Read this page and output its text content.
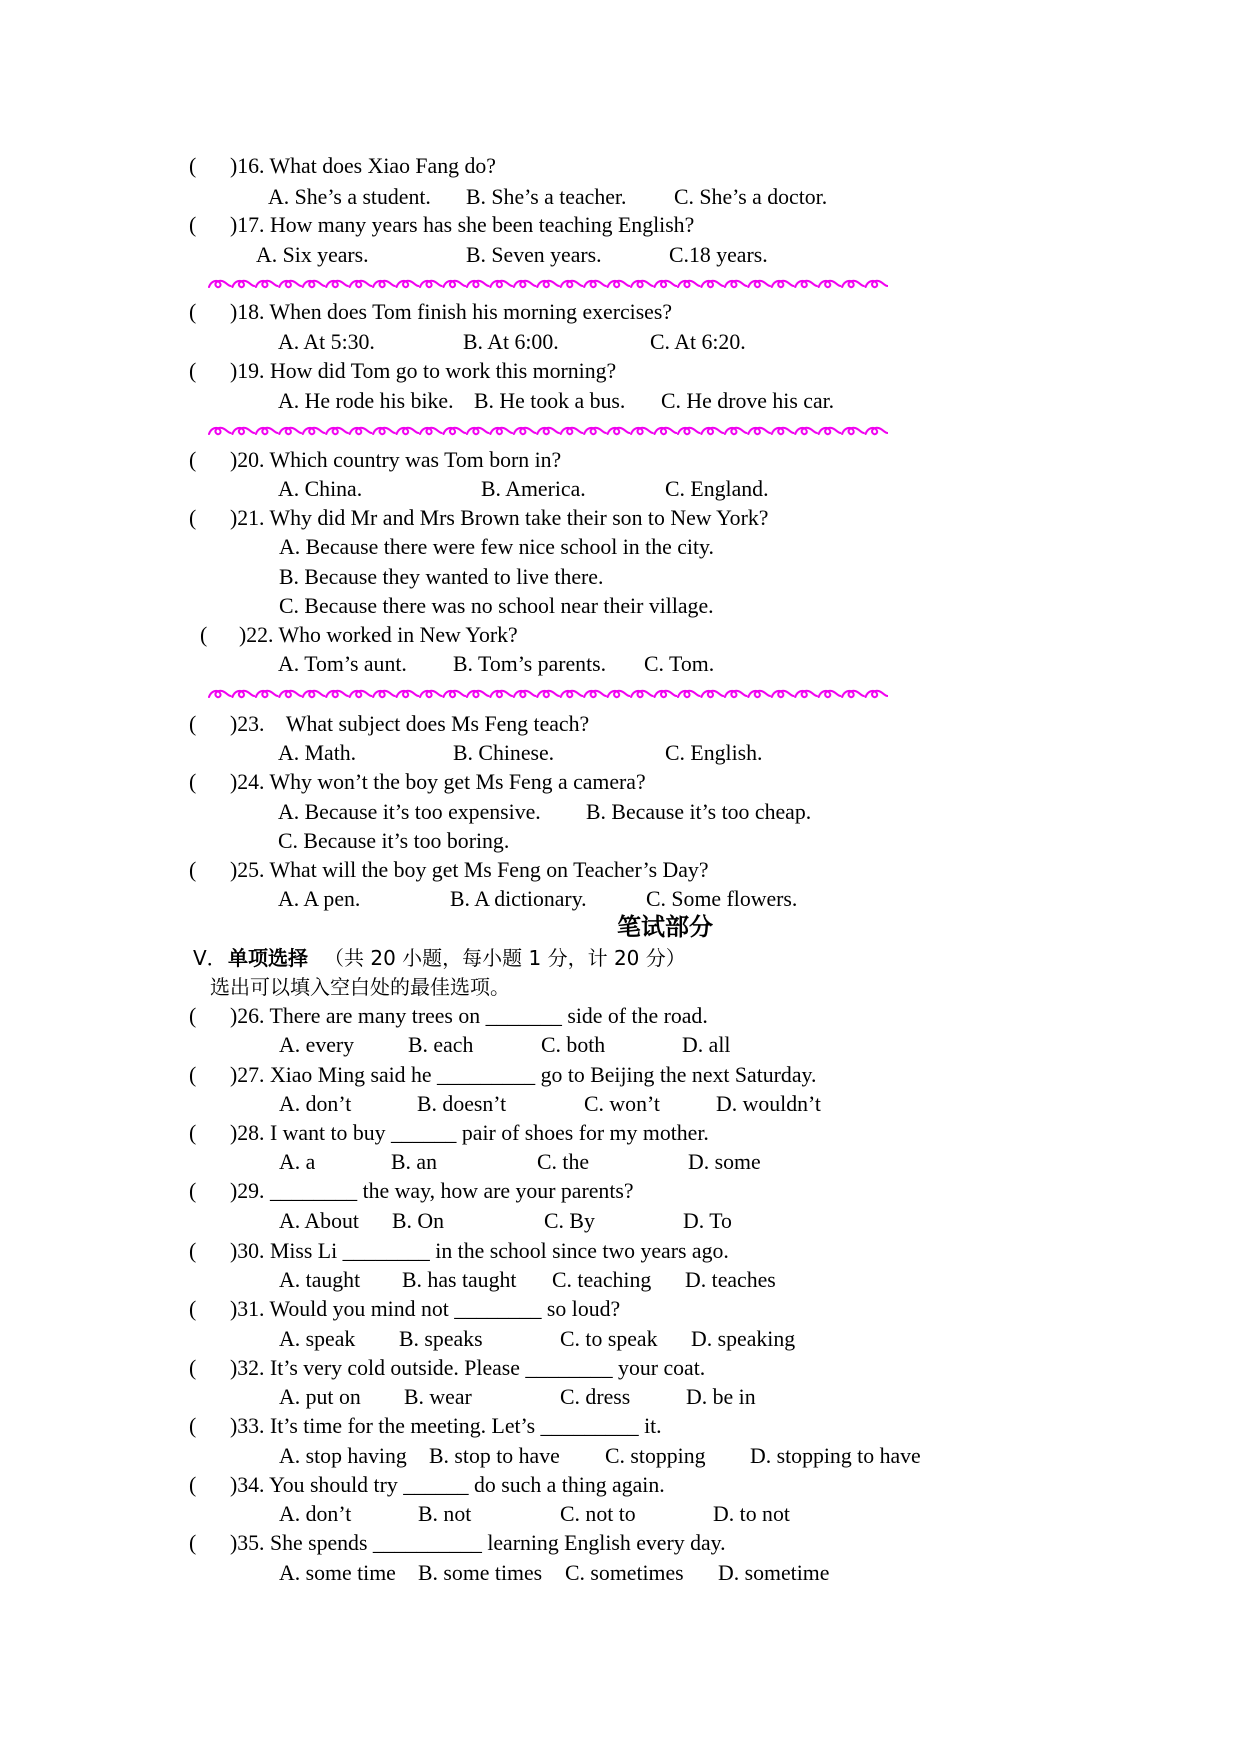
( )16. What does Xiao Fang do?
A. She’s a student. B. She’s a teacher. C. She’s a doctor.
( )17. How many years has she been teaching English?
A. Six years.	B. Seven years.	C.18 years.
( )18. When does Tom finish his morning exercises?
A. At 5:30.	B. At 6:00.	C. At 6:20.
( )19. How did Tom go to work this morning?
A. He rode his bike. B. He took a bus. C. He drove his car.
( )20. Which country was Tom born in?
A. China.	B. America.	C. England.
( )21. Why did Mr and Mrs Brown take their son to New York?
A. Because there were few nice school in the city.
B. Because they wanted to live there.
C. Because there was no school near their village.
( )22. Who worked in New York?
A. Tom’s aunt. B. Tom’s parents. C. Tom.
( )23.    What subject does Ms Feng teach?
A. Math.	B. Chinese.	C. English.
( )24. Why won’t the boy get Ms Feng a camera?
A. Because it’s too expensive. B. Because it’s too cheap.
C. Because it’s too boring.
( )25. What will the boy get Ms Feng on Teacher’s Day?
A. A pen.	B. A dictionary.	C. Some flowers.
笔试部分
V． 单项选择 （共 20 小题，每小题 1 分，计 20 分）
选出可以填入空白处的最佳选项。
( )26. There are many trees on _______ side of the road.
A. every B. each	C. both	D. all
( )27. Xiao Ming said he _________ go to Beijing the next Saturday.
A. don’t	B. doesn’t	C. won’t	D. wouldn’t
( )28. I want to buy ______ pair of shoes for my mother.
A. a	B. an	C. the	D. some
( )29. ________ the way, how are your parents?
A. About B. On	C. By	D. To
( )30. Miss Li ________ in the school since two years ago.
A. taught B. has taught C. teaching D. teaches
( )31. Would you mind not ________ so loud?
A. speak B. speaks	C. to speak D. speaking
( )32. It’s very cold outside. Please ________ your coat.
A. put on B. wear	C. dress	D. be in
( )33. It’s time for the meeting. Let’s _________ it.
A. stop having B. stop to have C. stopping D. stopping to have
( )34. You should try ______ do such a thing again.
A. don’t	B. not	C. not to	D. to not
( )35. She spends __________ learning English every day.
A. some time B. some times C. sometimes D. sometime
